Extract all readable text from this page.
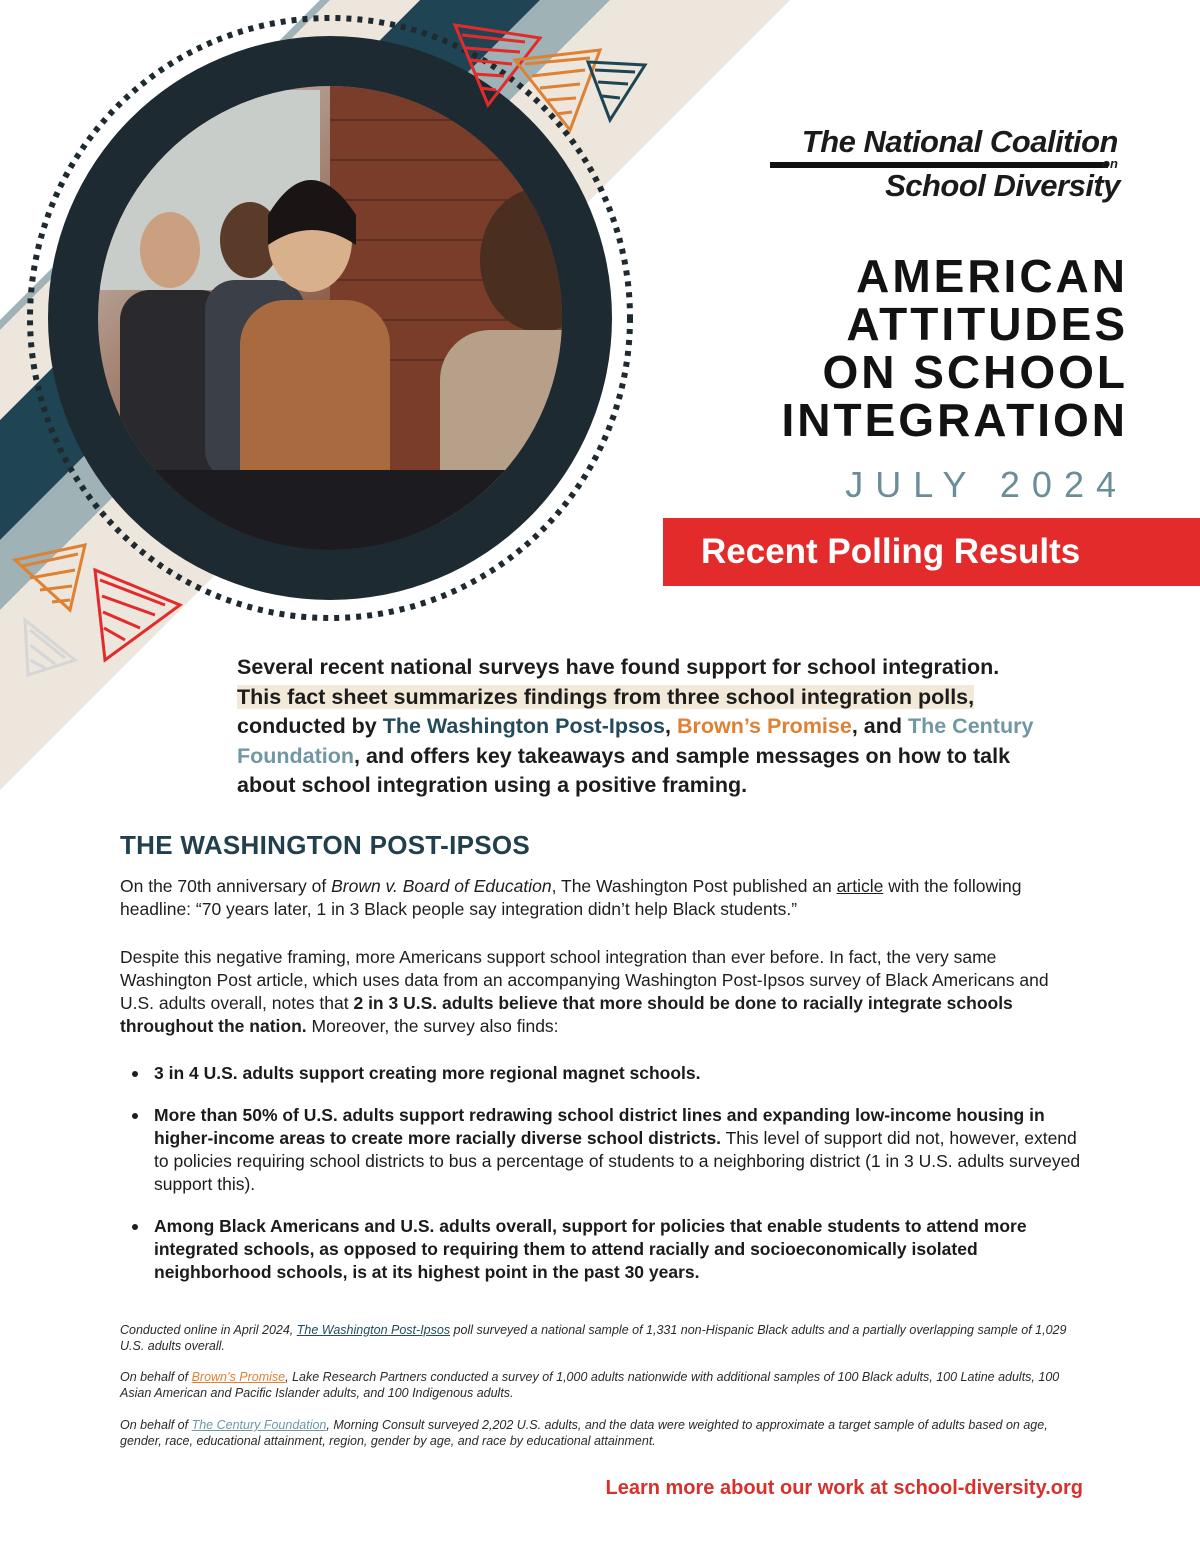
The National Coalition
on
School Diversity
AMERICAN
ATTITUDES
ON SCHOOL
INTEGRATION
JULY 2024
Recent Polling Results
Several recent national surveys have found support for school integration.
This fact sheet summarizes findings from three school integration polls,
conducted by The Washington Post-Ipsos, Brown’s Promise, and The Century Foundation, and offers key takeaways and sample messages on how to talk about school integration using a positive framing.
THE WASHINGTON POST-IPSOS
On the 70th anniversary of Brown v. Board of Education, The Washington Post published an article with the following headline: “70 years later, 1 in 3 Black people say integration didn’t help Black students.”
Despite this negative framing, more Americans support school integration than ever before. In fact, the very same Washington Post article, which uses data from an accompanying Washington Post-Ipsos survey of Black Americans and U.S. adults overall, notes that 2 in 3 U.S. adults believe that more should be done to racially integrate schools throughout the nation. Moreover, the survey also finds:
3 in 4 U.S. adults support creating more regional magnet schools.
More than 50% of U.S. adults support redrawing school district lines and expanding low-income housing in higher-income areas to create more racially diverse school districts. This level of support did not, however, extend to policies requiring school districts to bus a percentage of students to a neighboring district (1 in 3 U.S. adults surveyed support this).
Among Black Americans and U.S. adults overall, support for policies that enable students to attend more integrated schools, as opposed to requiring them to attend racially and socioeconomically isolated neighborhood schools, is at its highest point in the past 30 years.
Conducted online in April 2024, The Washington Post-Ipsos poll surveyed a national sample of 1,331 non-Hispanic Black adults and a partially overlapping sample of 1,029 U.S. adults overall.
On behalf of Brown’s Promise, Lake Research Partners conducted a survey of 1,000 adults nationwide with additional samples of 100 Black adults, 100 Latine adults, 100 Asian American and Pacific Islander adults, and 100 Indigenous adults.
On behalf of The Century Foundation, Morning Consult surveyed 2,202 U.S. adults, and the data were weighted to approximate a target sample of adults based on age, gender, race, educational attainment, region, gender by age, and race by educational attainment.
Learn more about our work at school-diversity.org
